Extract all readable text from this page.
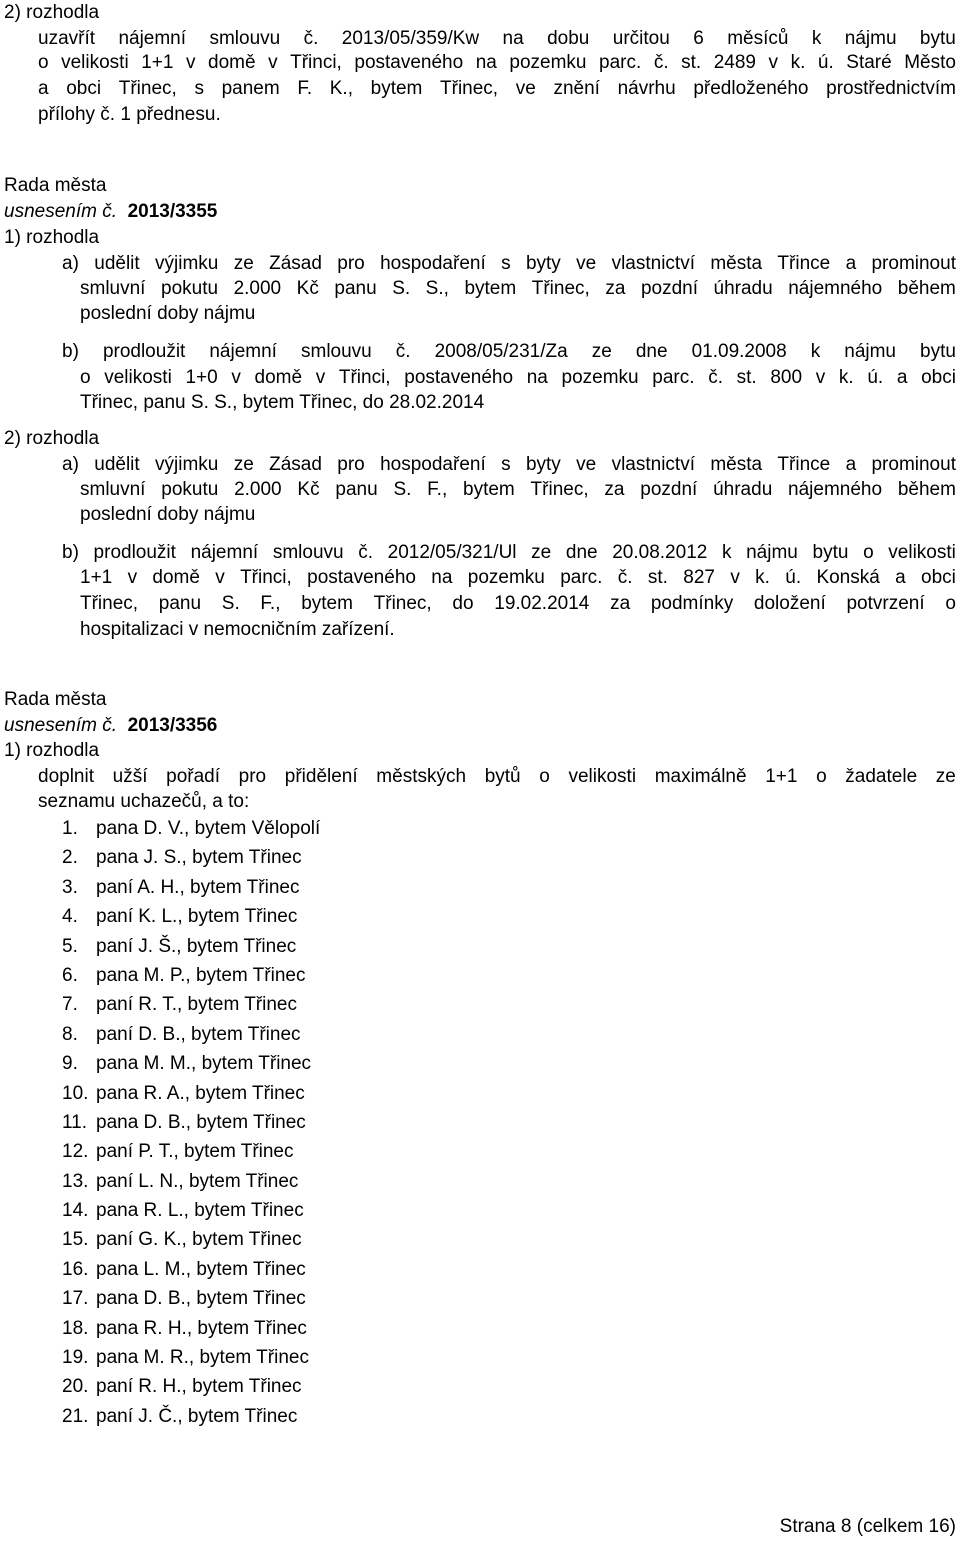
2) rozhodla
uzavřít nájemní smlouvu č. 2013/05/359/Kw na dobu určitou 6 měsíců k nájmu bytu
o velikosti 1+1 v domě v Třinci, postaveného na pozemku parc. č. st. 2489 v k. ú. Staré Město
a obci Třinec, s panem F. K., bytem Třinec, ve znění návrhu předloženého prostřednictvím
přílohy č. 1 přednesu.
Rada města
usnesením č. 2013/3355
1) rozhodla
a) udělit výjimku ze Zásad pro hospodaření s byty ve vlastnictví města Třince a prominout
smluvní pokutu 2.000 Kč panu S. S., bytem Třinec, za pozdní úhradu nájemného během
poslední doby nájmu
b) prodloužit nájemní smlouvu č. 2008/05/231/Za ze dne 01.09.2008 k nájmu bytu
o velikosti 1+0 v domě v Třinci, postaveného na pozemku parc. č. st. 800 v k. ú. a obci
Třinec, panu S. S., bytem Třinec, do 28.02.2014
2) rozhodla
a) udělit výjimku ze Zásad pro hospodaření s byty ve vlastnictví města Třince a prominout
smluvní pokutu 2.000 Kč panu S. F., bytem Třinec, za pozdní úhradu nájemného během
poslední doby nájmu
b) prodloužit nájemní smlouvu č. 2012/05/321/Ul ze dne 20.08.2012 k nájmu bytu o velikosti
1+1 v domě v Třinci, postaveného na pozemku parc. č. st. 827 v k. ú. Konská a obci
Třinec, panu S. F., bytem Třinec, do 19.02.2014 za podmínky doložení potvrzení o
hospitalizaci v nemocničním zařízení.
Rada města
usnesením č. 2013/3356
1) rozhodla
doplnit užší pořadí pro přidělení městských bytů o velikosti maximálně 1+1 o žadatele ze
seznamu uchazečů, a to:
1. pana D. V., bytem Vělopolí
2. pana J. S., bytem Třinec
3. paní A. H., bytem Třinec
4. paní K. L., bytem Třinec
5. paní J. Š., bytem Třinec
6. pana M. P., bytem Třinec
7. paní R. T., bytem Třinec
8. paní D. B., bytem Třinec
9. pana M. M., bytem Třinec
10. pana R. A., bytem Třinec
11. pana D. B., bytem Třinec
12. paní P. T., bytem Třinec
13. paní L. N., bytem Třinec
14. pana R. L., bytem Třinec
15. paní G. K., bytem Třinec
16. pana L. M., bytem Třinec
17. pana D. B., bytem Třinec
18. pana R. H., bytem Třinec
19. pana M. R., bytem Třinec
20. paní R. H., bytem Třinec
21. paní J. Č., bytem Třinec
Strana 8 (celkem 16)
